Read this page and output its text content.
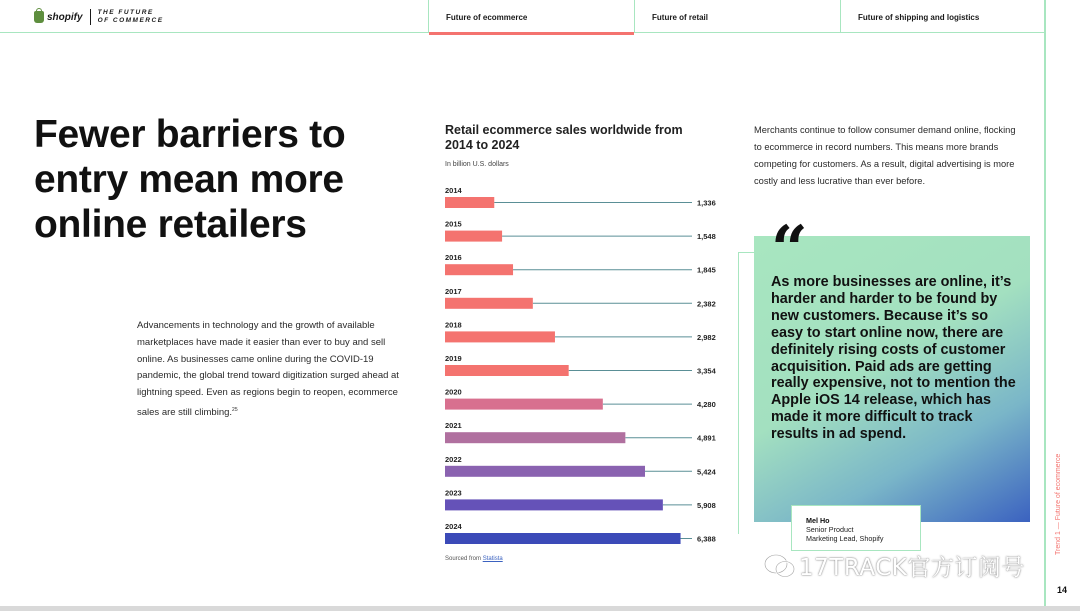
shopify THE FUTURE
OF COMMERCE	Future of ecommerce	Future of retail	Future of shipping and logistics
Fewer barriers to entry mean more online retailers

Advancements in technology and the growth of available marketplaces have made it easier than ever to buy and sell online. As businesses came online during the COVID-19 pandemic, the global trend toward digitization surged ahead at lightning speed. Even as regions begin to reopen, ecommerce sales are still climbing.$^{25}$

Retail ecommerce sales worldwide from 2014 to 2024
In billion U.S. dollars
2014
1,336
2015
1,548
2016
1,845
2017
2,382
2018
2,982
2019
3,354
2020
4,280
2021
4,891
2022
5,424
2023
5,908
2024
6,388
Sourced from Statista

Merchants continue to follow consumer demand online, flocking to ecommerce in record numbers. This means more brands competing for customers. As a result, digital advertising is more costly and less lucrative than ever before.

“
As more businesses are online, it’s harder and harder to be found by new customers. Because it’s so easy to start online now, there are definitely rising costs of customer acquisition. Paid ads are getting really expensive, not to mention the Apple iOS 14 release, which has made it more difficult to track results in ad spend.
Mel Ho
Senior Product
Marketing Lead, Shopify	Trend 1 — Future of ecommerce
14
17TRACK官方订阅号
